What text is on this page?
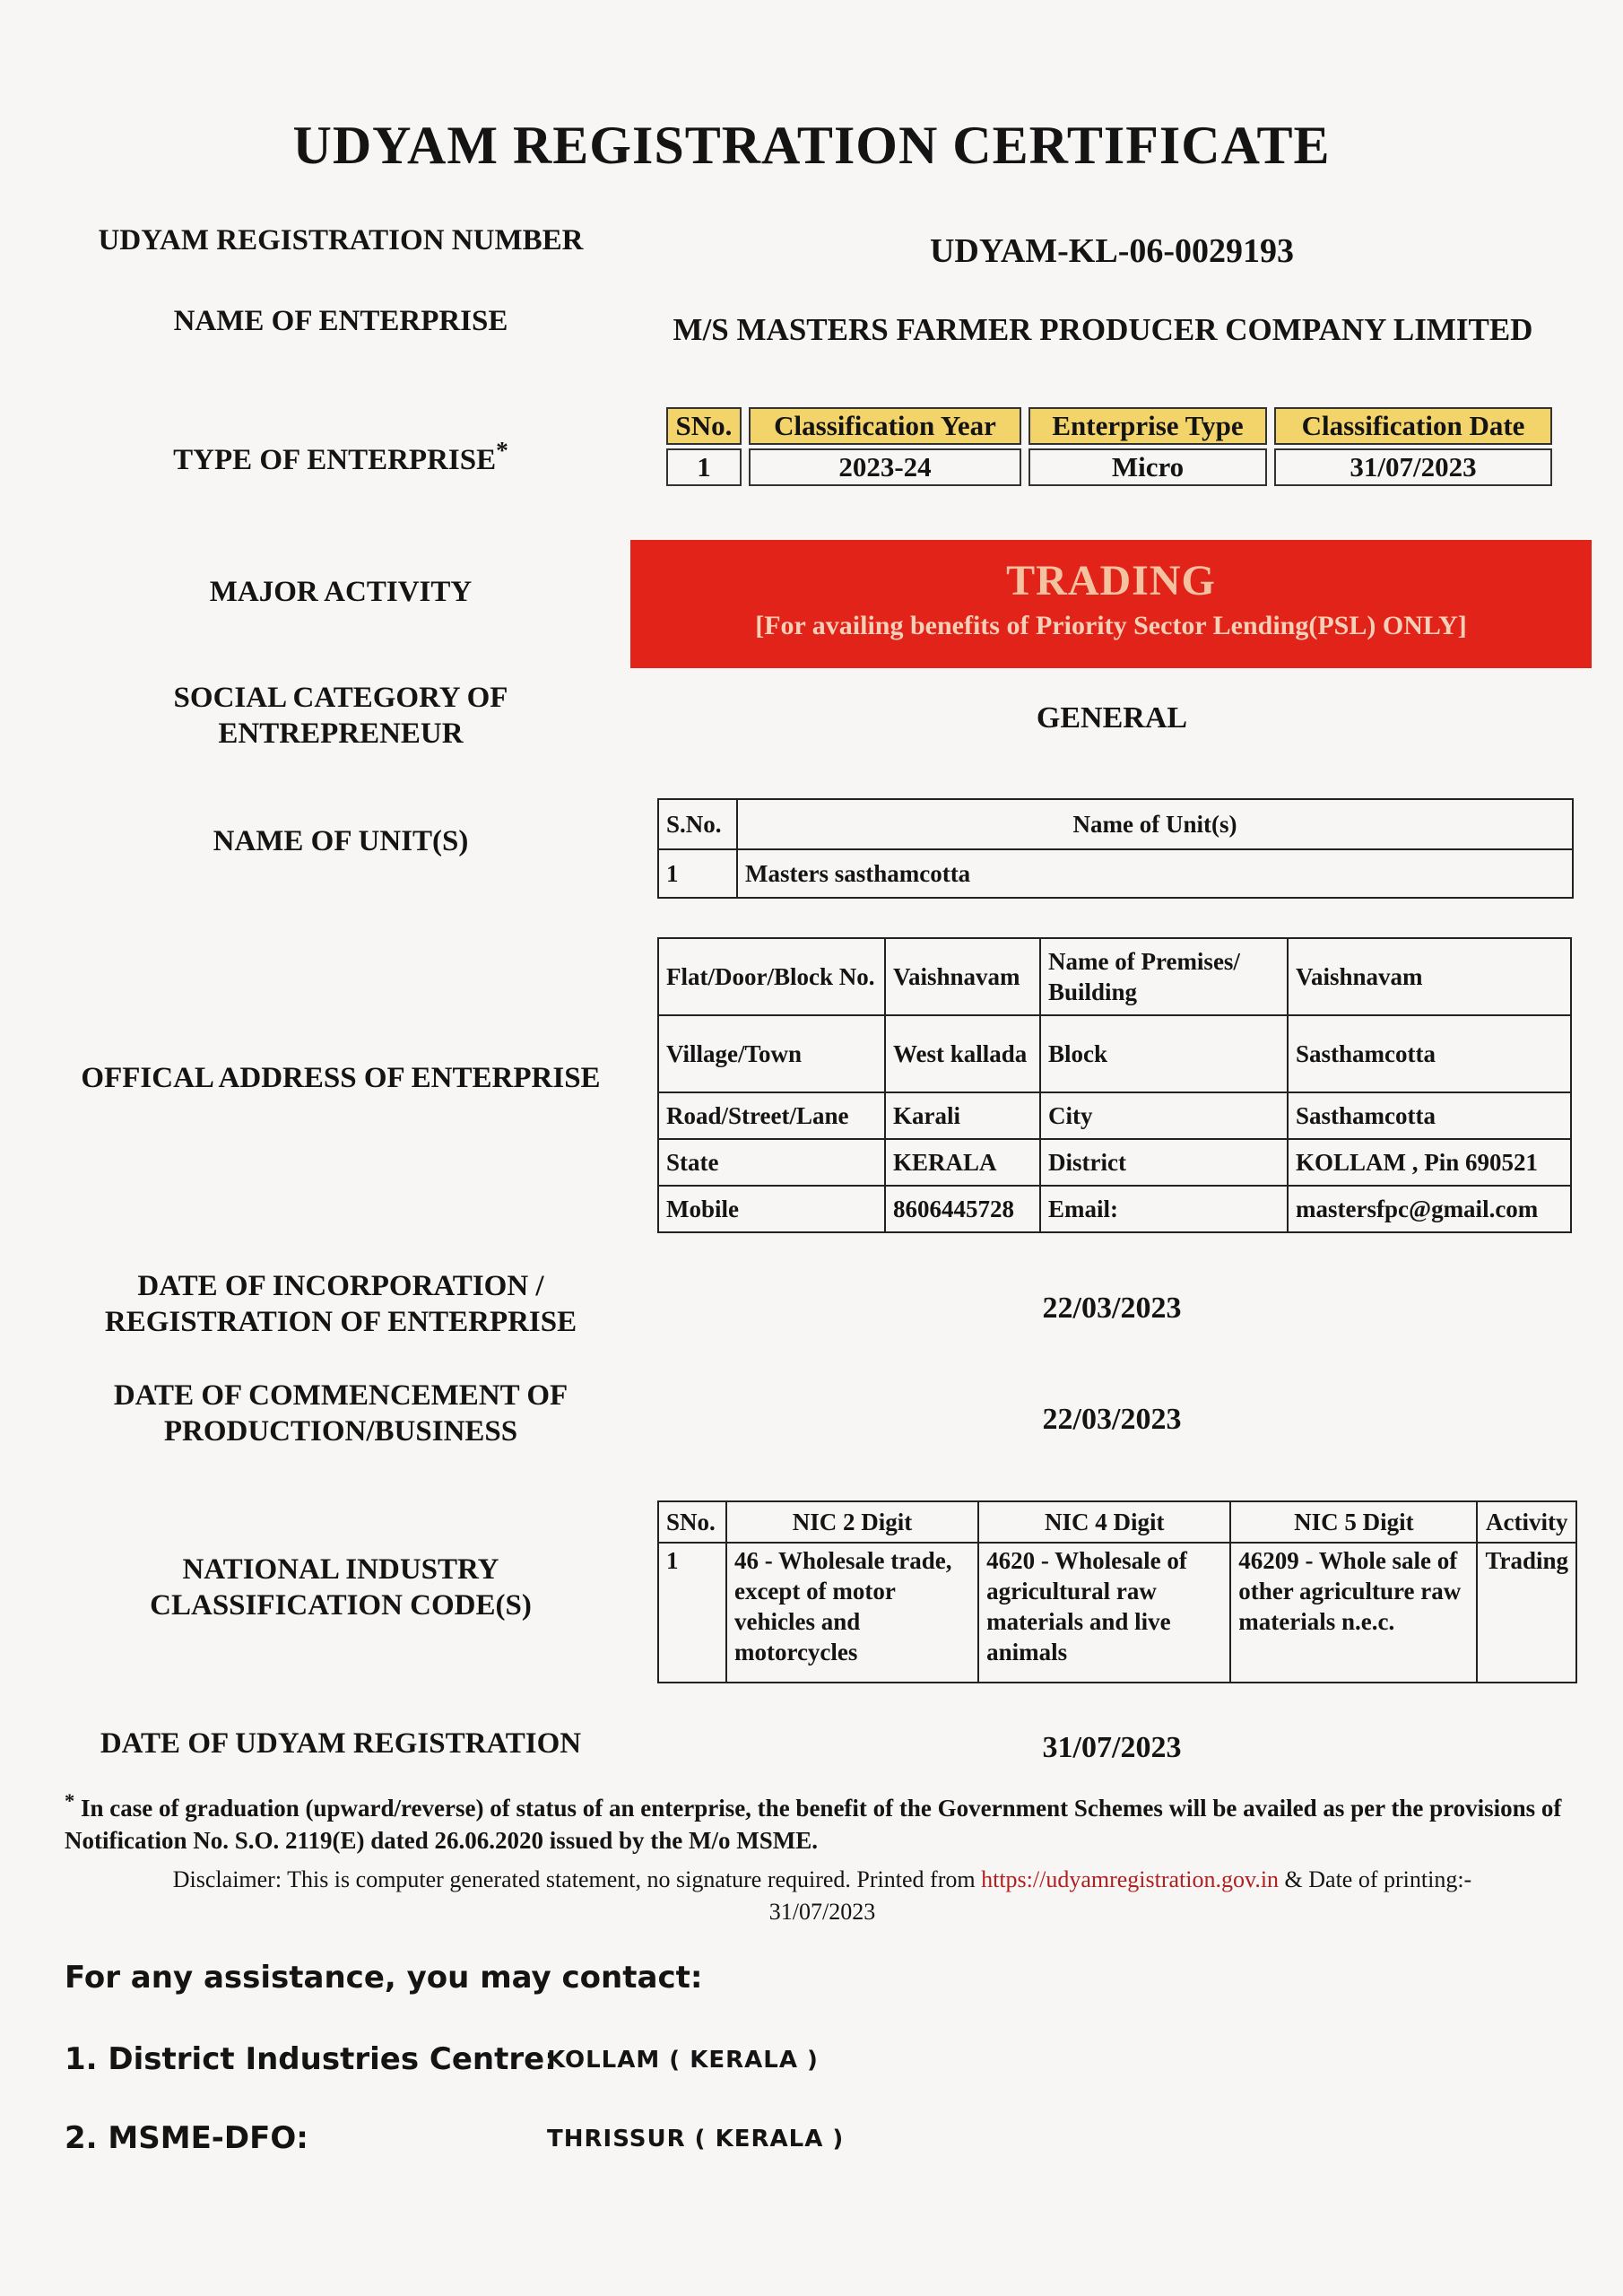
UDYAM REGISTRATION CERTIFICATE
UDYAM REGISTRATION NUMBER	UDYAM-KL-06-0029193
NAME OF ENTERPRISE	M/S MASTERS FARMER PRODUCER COMPANY LIMITED
TYPE OF ENTERPRISE*
SNo.	Classification Year	Enterprise Type	Classification Date
1	2023-24	Micro	31/07/2023
MAJOR ACTIVITY	TRADING
[For availing benefits of Priority Sector Lending(PSL) ONLY]
SOCIAL CATEGORY OF
ENTREPRENEUR	GENERAL
NAME OF UNIT(S)
S.No.	Name of Unit(s)
1	Masters sasthamcotta
OFFICAL ADDRESS OF ENTERPRISE
Flat/Door/Block No.	Vaishnavam	Name of Premises/ Building	Vaishnavam
Village/Town	West kallada	Block	Sasthamcotta
Road/Street/Lane	Karali	City	Sasthamcotta
State	KERALA	District	KOLLAM , Pin 690521
Mobile	8606445728	Email:	mastersfpc@gmail.com
DATE OF INCORPORATION /
REGISTRATION OF ENTERPRISE	22/03/2023
DATE OF COMMENCEMENT OF
PRODUCTION/BUSINESS	22/03/2023
NATIONAL INDUSTRY
CLASSIFICATION CODE(S)
SNo.	NIC 2 Digit	NIC 4 Digit	NIC 5 Digit	Activity
1	46 - Wholesale trade, except of motor vehicles and motorcycles	4620 - Wholesale of agricultural raw materials and live animals	46209 - Whole sale of other agriculture raw materials n.e.c.	Trading
DATE OF UDYAM REGISTRATION	31/07/2023
* In case of graduation (upward/reverse) of status of an enterprise, the benefit of the Government Schemes will be availed as per the provisions of Notification No. S.O. 2119(E) dated 26.06.2020 issued by the M/o MSME.
Disclaimer: This is computer generated statement, no signature required. Printed from https://udyamregistration.gov.in & Date of printing:-
31/07/2023
For any assistance, you may contact:
1. District Industries Centre:
KOLLAM ( KERALA )
2. MSME-DFO:	THRISSUR ( KERALA )
